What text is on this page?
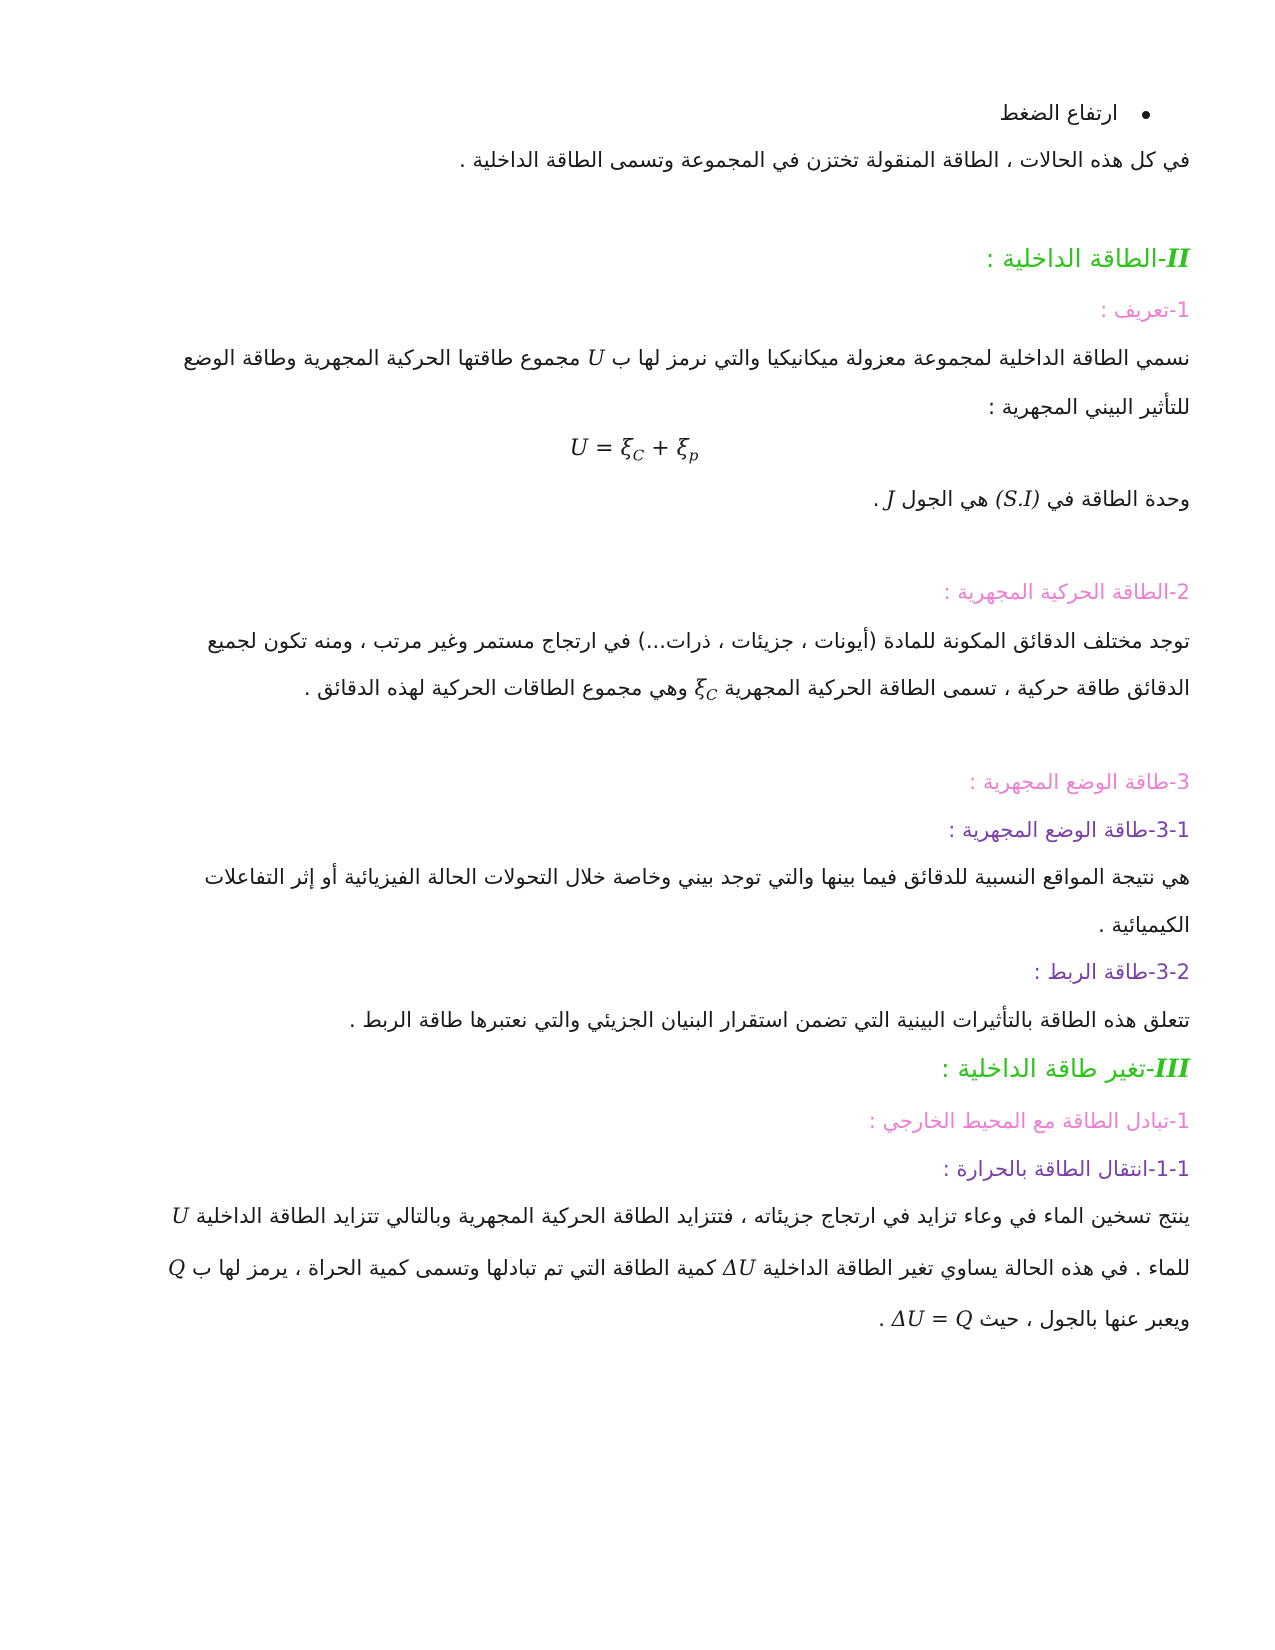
ارتفاع الضغط
في كل هذه الحالات ، الطاقة المنقولة تختزن في المجموعة وتسمى الطاقة الداخلية .
II-الطاقة الداخلية :
1-تعريف :
نسمي الطاقة الداخلية لمجموعة معزولة ميكانيكيا والتي نرمز لها ب U مجموع طاقتها الحركية المجهرية وطاقة الوضع
للتأثير البيني المجهرية :
$U = \xi_C + \xi_p$
وحدة الطاقة في (S.I) هي الجول J .
2-الطاقة الحركية المجهرية :
توجد مختلف الدقائق المكونة للمادة (أيونات ، جزيئات ، ذرات...) في ارتجاج مستمر وغير مرتب ، ومنه تكون لجميع
الدقائق طاقة حركية ، تسمى الطاقة الحركية المجهرية $\xi_C$ وهي مجموع الطاقات الحركية لهذه الدقائق .
3-طاقة الوضع المجهرية :
3-1-طاقة الوضع المجهرية :
هي نتيجة المواقع النسبية للدقائق فيما بينها والتي توجد بيني وخاصة خلال التحولات الحالة الفيزيائية أو إثر التفاعلات
الكيميائية .
3-2-طاقة الربط :
تتعلق هذه الطاقة بالتأثيرات البينية التي تضمن استقرار البنيان الجزيئي والتي نعتبرها طاقة الربط .
III-تغير طاقة الداخلية :
1-تبادل الطاقة مع المحيط الخارجي :
1-1-انتقال الطاقة بالحرارة :
ينتج تسخين الماء في وعاء تزايد في ارتجاج جزيئاته ، فتتزايد الطاقة الحركية المجهرية وبالتالي تتزايد الطاقة الداخلية U
للماء . في هذه الحالة يساوي تغير الطاقة الداخلية ΔU كمية الطاقة التي تم تبادلها وتسمى كمية الحراة ، يرمز لها ب Q
ويعبر عنها بالجول ، حيث ΔU = Q .
